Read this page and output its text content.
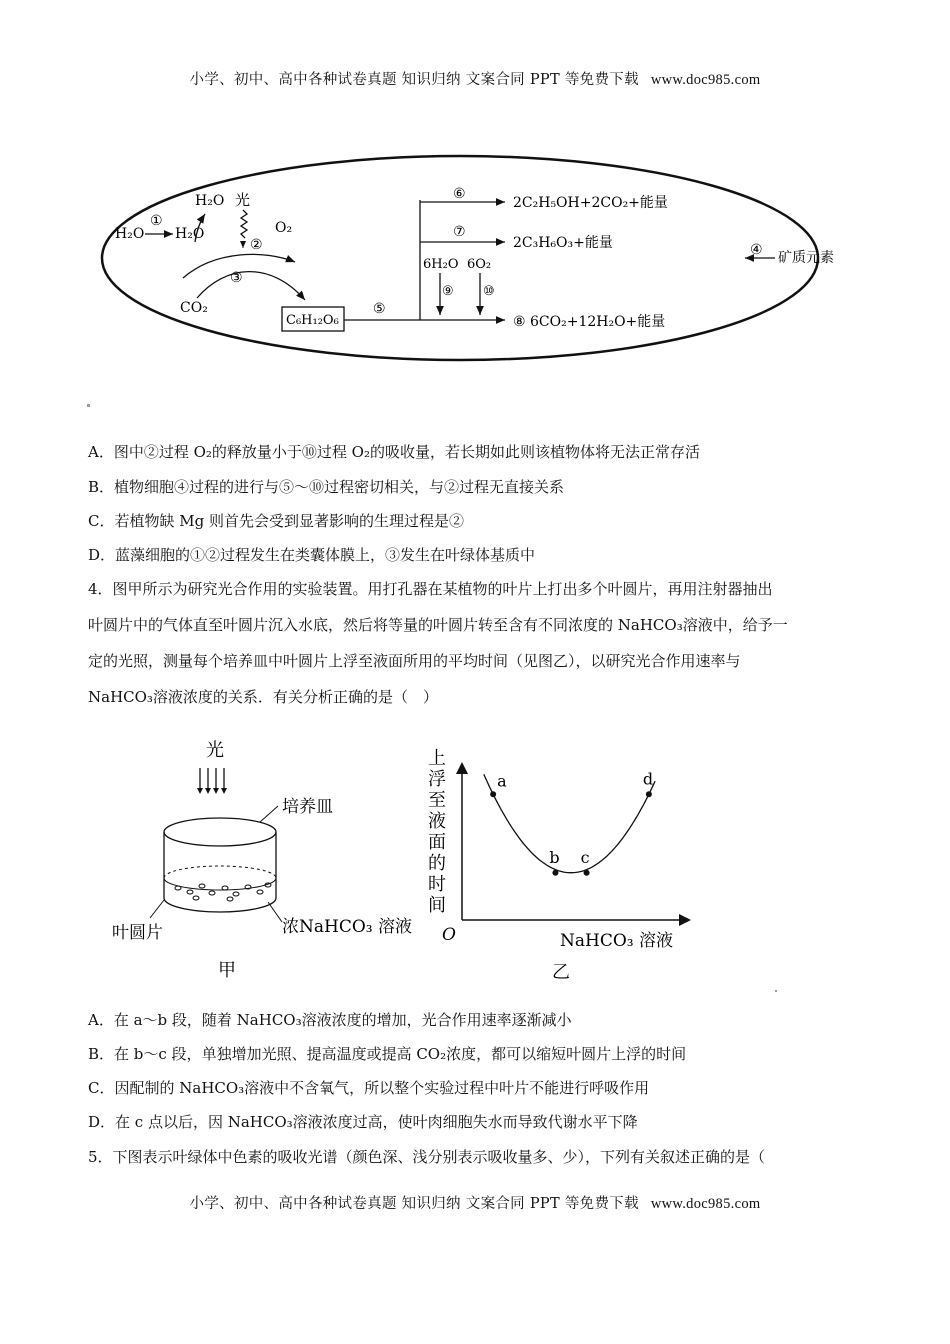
小学、初中、高中各种试卷真题 知识归纳 文案合同 PPT 等免费下载 www.doc985.com
H₂O 光
H₂O
①
H₂O
②
O₂
③
CO₂
C₆H₁₂O₆
⑤
⑥
2C₂H₅OH+2CO₂+能量
⑦
2C₃H₆O₃+能量
6H₂O 6O₂
⑨ ⑩
⑧ 6CO₂+12H₂O+能量
④ 矿质元素
A．图中②过程 O₂的释放量小于⑩过程 O₂的吸收量，若长期如此则该植物体将无法正常存活
B．植物细胞④过程的进行与⑤～⑩过程密切相关，与②过程无直接关系
C．若植物缺 Mg 则首先会受到显著影响的生理过程是②
D．蓝藻细胞的①②过程发生在类囊体膜上，③发生在叶绿体基质中

4．图甲所示为研究光合作用的实验装置。用打孔器在某植物的叶片上打出多个叶圆片，再用注射器抽出

叶圆片中的气体直至叶圆片沉入水底，然后将等量的叶圆片转至含有不同浓度的 NaHCO₃溶液中，给予一

定的光照，测量每个培养皿中叶圆片上浮至液面所用的平均时间（见图乙），以研究光合作用速率与

NaHCO₃溶液浓度的关系．有关分析正确的是（　）

光
培养皿
叶圆片	浓NaHCO₃ 溶液
甲
上
浮
至
液
面
的
时
间
O	NaHCO₃ 溶液
a
b c
d
乙
A．在 a～b 段，随着 NaHCO₃溶液浓度的增加，光合作用速率逐渐减小
B．在 b～c 段，单独增加光照、提高温度或提高 CO₂浓度，都可以缩短叶圆片上浮的时间
C．因配制的 NaHCO₃溶液中不含氧气，所以整个实验过程中叶片不能进行呼吸作用
D．在 c 点以后，因 NaHCO₃溶液浓度过高，使叶肉细胞失水而导致代谢水平下降
5．下图表示叶绿体中色素的吸收光谱（颜色深、浅分别表示吸收量多、少），下列有关叙述正确的是（
小学、初中、高中各种试卷真题 知识归纳 文案合同 PPT 等免费下载 www.doc985.com
